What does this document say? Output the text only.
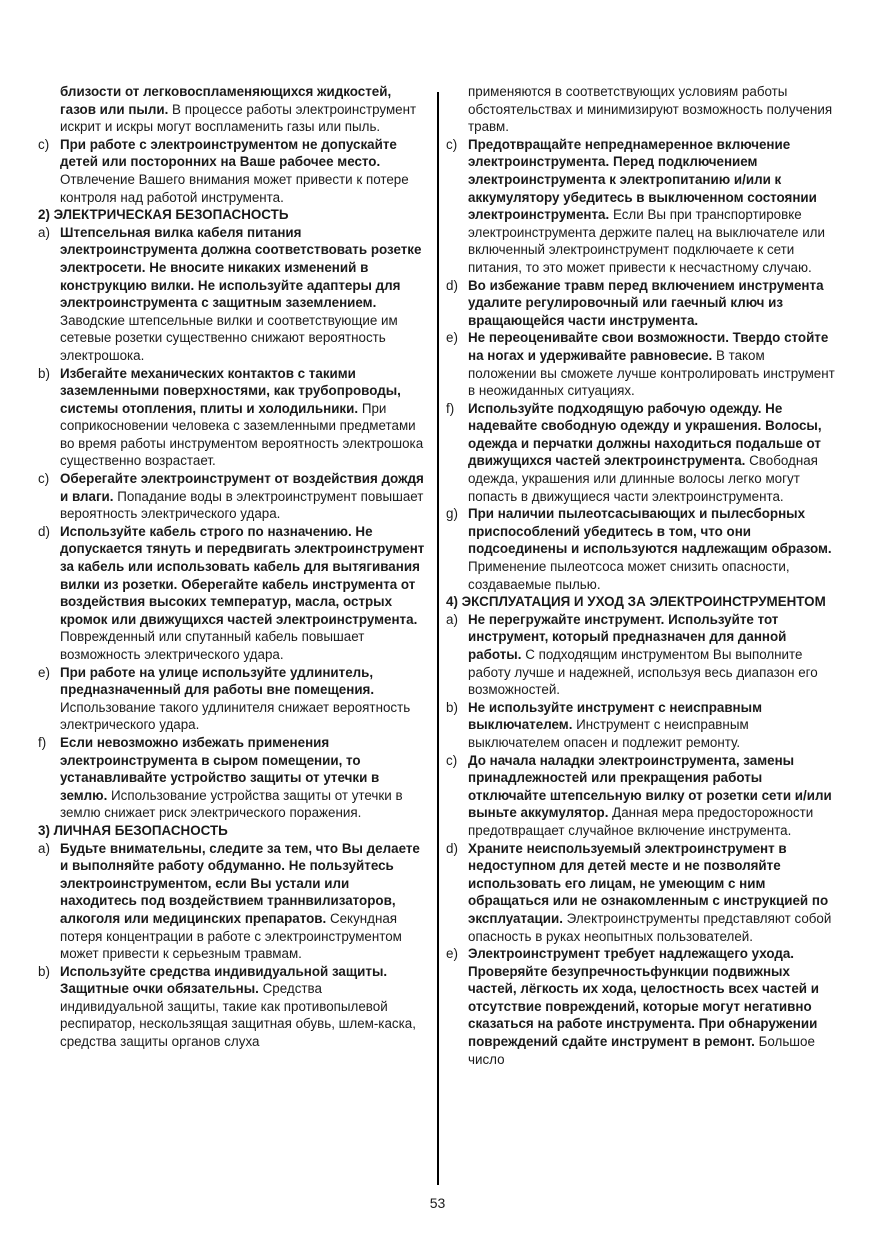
близости от легковоспламеняющихся жидкостей, газов или пыли. В процессе работы электроинструмент искрит и искры могут воспламенить газы или пыль.
c) При работе с электроинструментом не допускайте детей или посторонних на Ваше рабочее место. Отвлечение Вашего внимания может привести к потере контроля над работой инструмента.
2) ЭЛЕКТРИЧЕСКАЯ БЕЗОПАСНОСТЬ
a) Штепсельная вилка кабеля питания электроинструмента должна соответствовать розетке электросети. Не вносите никаких изменений в конструкцию вилки. Не используйте адаптеры для электроинструмента с защитным заземлением. Заводские штепсельные вилки и соответствующие им сетевые розетки существенно снижают вероятность электрошока.
b) Избегайте механических контактов с такими заземленными поверхностями, как трубопроводы, системы отопления, плиты и холодильники. При соприкосновении человека с заземленными предметами во время работы инструментом вероятность электрошока существенно возрастает.
c) Оберегайте электроинструмент от воздействия дождя и влаги. Попадание воды в электроинструмент повышает вероятность электрического удара.
d) Используйте кабель строго по назначению. Не допускается тянуть и передвигать электроинструмент за кабель или использовать кабель для вытягивания вилки из розетки. Оберегайте кабель инструмента от воздействия высоких температур, масла, острых кромок или движущихся частей электроинструмента. Поврежденный или спутанный кабель повышает возможность электрического удара.
e) При работе на улице используйте удлинитель, предназначенный для работы вне помещения. Использование такого удлинителя снижает вероятность электрического удара.
f)	Если невозможно избежать применения электроинструмента в сыром помещении, то устанавливайте устройство защиты от утечки в землю. Использование устройства защиты от утечки в землю снижает риск электрического поражения.
3) ЛИЧНАЯ БЕЗОПАСНОСТЬ
a) Будьте внимательны, следите за тем, что Вы делаете и выполняйте работу обдуманно. Не пользуйтесь электроинструментом, если Вы устали или находитесь под воздействием траннвилизаторов, алкоголя или медицинских препаратов. Секундная потеря концентрации в работе с электроинструментом может привести к серьезным травмам.
b) Используйте средства индивидуальной защиты. Защитные очки обязательны. Средства индивидуальной защиты, такие как противопылевой респиратор, нескользящая защитная обувь, шлем-каска, средства защиты органов слуха
применяются в соответствующих условиям работы обстоятельствах и минимизируют возможность получения травм.
c) Предотвращайте непреднамеренное включение электроинструмента. Перед подключением электроинструмента к электропитанию и/или к аккумулятору убедитесь в выключенном состоянии электроинструмента. Если Вы при транспортировке электроинструмента держите палец на выключателе или включенный электроинструмент подключаете к сети питания, то это может привести к несчастному случаю.
d) Во избежание травм перед включением инструмента удалите регулировочный или гаечный ключ из вращающейся части инструмента.
e) Не переоценивайте свои возможности. Твердо стойте на ногах и удерживайте равновесие. В таком положении вы сможете лучше контролировать инструмент в неожиданных ситуациях.
f)	Используйте подходящую рабочую одежду. Не надевайте свободную одежду и украшения. Волосы, одежда и перчатки должны находиться подальше от движущихся частей электроинструмента. Свободная одежда, украшения или длинные волосы легко могут попасть в движущиеся части электроинструмента.
g) При наличии пылеотсасывающих и пылесборных приспособлений убедитесь в том, что они подсоединены и используются надлежащим образом. Применение пылеотсоса может снизить опасности, создаваемые пылью.
4) ЭКСПЛУАТАЦИЯ И УХОД ЗА ЭЛЕКТРОИНСТРУМЕНТОМ
a) Не перегружайте инструмент. Используйте тот инструмент, который предназначен для данной работы. С подходящим инструментом Вы выполните работу лучше и надежней, используя весь диапазон его возможностей.
b) Не используйте инструмент с неисправным выключателем. Инструмент с неисправным выключателем опасен и подлежит ремонту.
c) До начала наладки электроинструмента, замены принадлежностей или прекращения работы отключайте штепсельную вилку от розетки сети и/или выньте аккумулятор. Данная мера предосторожности предотвращает случайное включение инструмента.
d) Храните неиспользуемый электроинструмент в недоступном для детей месте и не позволяйте использовать его лицам, не умеющим с ним обращаться или не ознакомленным с инструкцией по эксплуатации. Электроинструменты представляют собой опасность в руках неопытных пользователей.
e) Электроинструмент требует надлежащего ухода. Проверяйте безупречностьфункции подвижных частей, лёгкость их хода, целостность всех частей и отсутствие повреждений, которые могут негативно сказаться на работе инструмента. При обнаружении повреждений сдайте инструмент в ремонт. Большое число
53
